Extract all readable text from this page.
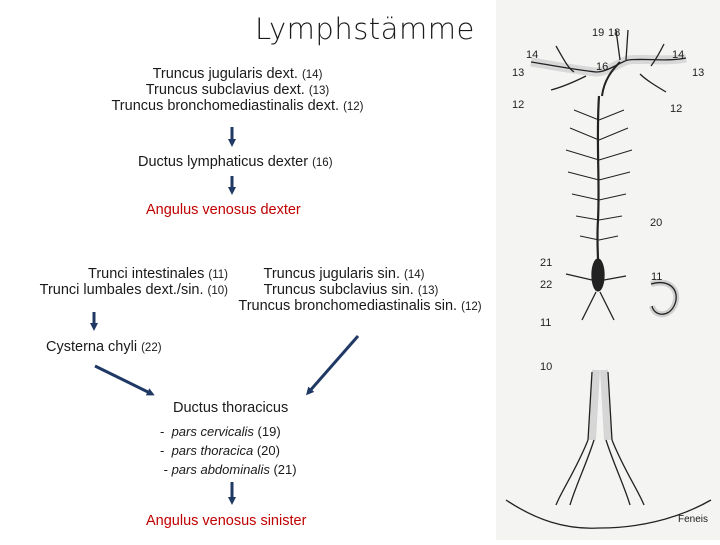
Lymphstämme
Truncus jugularis dext. (14)
Truncus subclavius dext. (13)
Truncus bronchomediastinalis dext. (12)
Ductus lymphaticus dexter (16)
Angulus venosus dexter
Trunci intestinales (11)
Trunci lumbales dext./sin. (10)
Truncus jugularis sin. (14)
Truncus subclavius sin. (13)
Truncus bronchomediastinalis sin. (12)
Cysterna chyli (22)
Ductus thoracicus
-  pars cervicalis (19)
-  pars thoracica (20)
- pars abdominalis (21)
Angulus venosus sinister
19 18
14	14
13	13
16
12	12
20
21
22
11
11
10
Feneis
